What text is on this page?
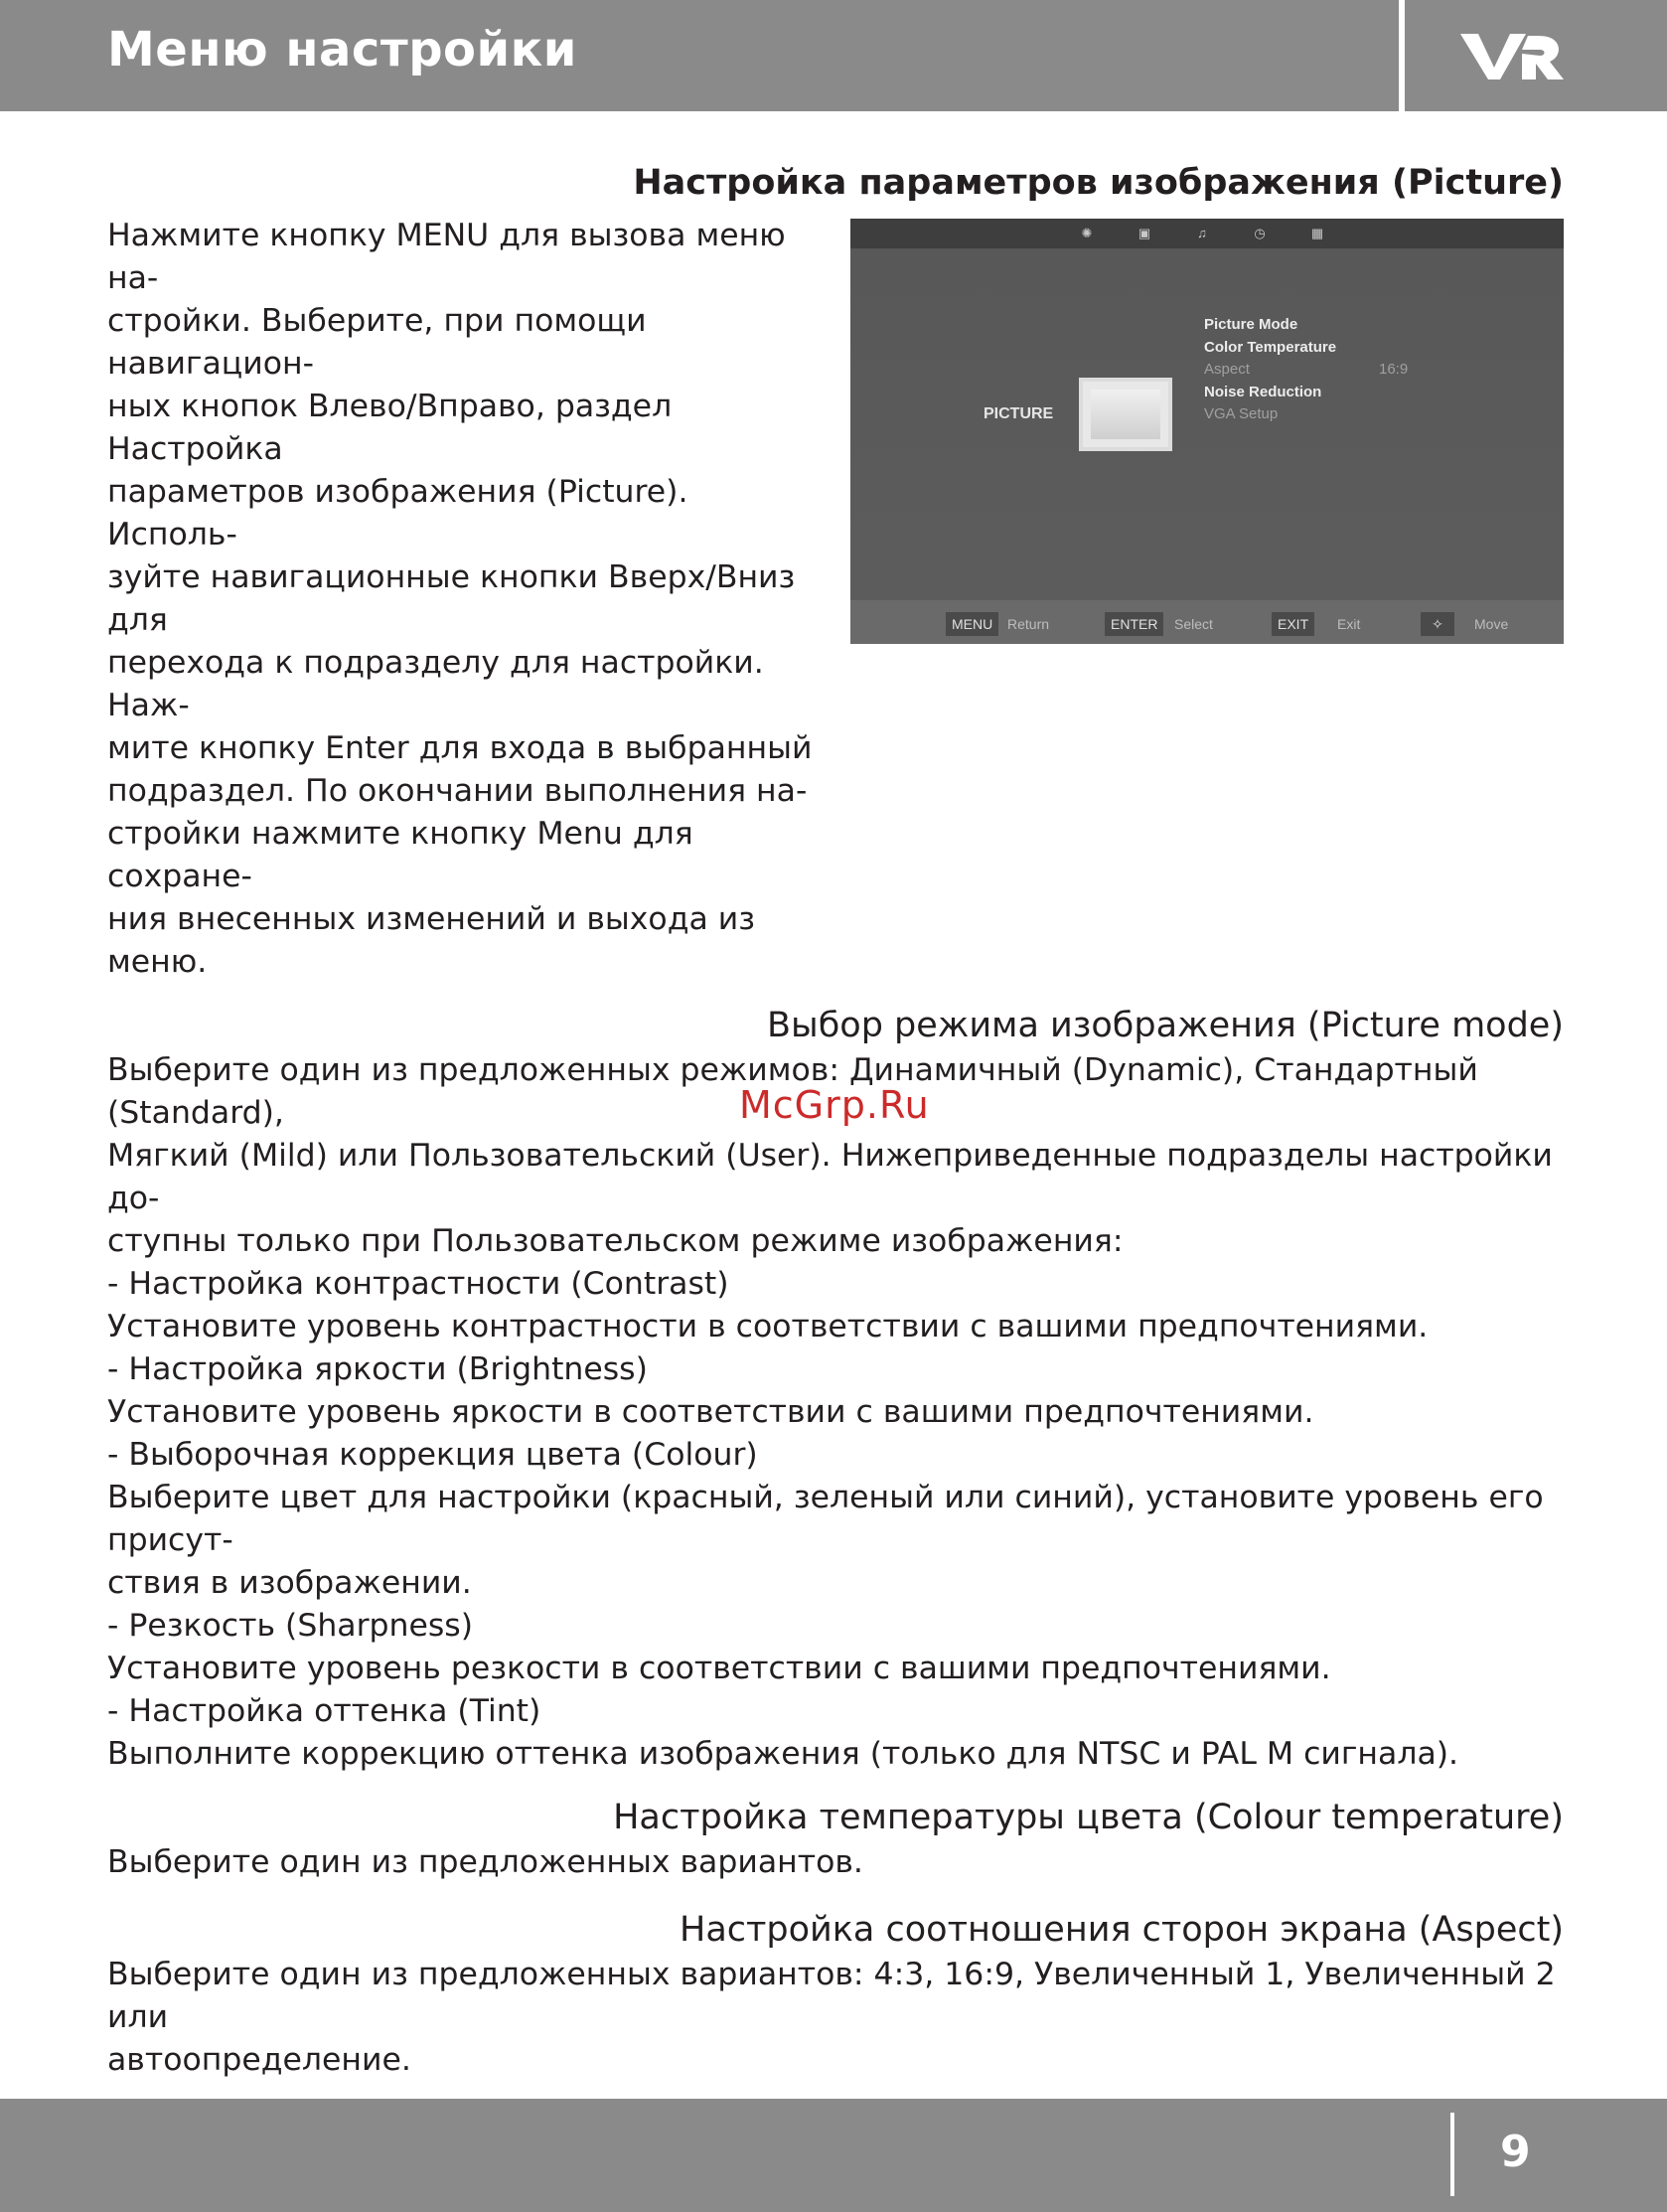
Меню настройки
Настройка параметров изображения (Picture)

Нажмите кнопку MENU для вызова меню на-

стройки. Выберите, при помощи навигацион-

ных кнопок Влево/Вправо, раздел Настройка

параметров изображения (Picture). Исполь-

зуйте навигационные кнопки Вверх/Вниз для

перехода к подразделу для настройки. Наж-

мите кнопку Enter для входа в выбранный

подраздел. По окончании выполнения на-

стройки нажмите кнопку Menu для сохране-

ния внесенных изменений и выхода из меню.

✺	▣	♫	◷	▦
PICTURE
Picture Mode
Color Temperature
Aspect	16:9
Noise Reduction
VGA Setup
MENU	Return	ENTER	Select	EXIT	Exit	✧	Move
Выбор режима изображения (Picture mode)

Выберите один из предложенных режимов: Динамичный (Dynamic), Стандартный (Standard),

Мягкий (Mild) или Пользовательский (User). Нижеприведенные подразделы настройки до-

ступны только при Пользовательском режиме изображения:

- Настройка контрастности (Contrast)

Установите уровень контрастности в соответствии с вашими предпочтениями.

- Настройка яркости (Brightness)

Установите уровень яркости в соответствии с вашими предпочтениями.

- Выборочная коррекция цвета (Colour)

Выберите цвет для настройки (красный, зеленый или синий), установите уровень его присут-

ствия в изображении.

- Резкость (Sharpness)

Установите уровень резкости в соответствии с вашими предпочтениями.

- Настройка оттенка (Tint)

Выполните коррекцию оттенка изображения (только для NTSC и PAL M сигнала).

Настройка температуры цвета (Colour temperature)

Выберите один из предложенных вариантов.

Настройка соотношения сторон экрана (Aspect)

Выберите один из предложенных вариантов: 4:3, 16:9, Увеличенный 1, Увеличенный 2 или

автоопределение.

McGrp.Ru
9
